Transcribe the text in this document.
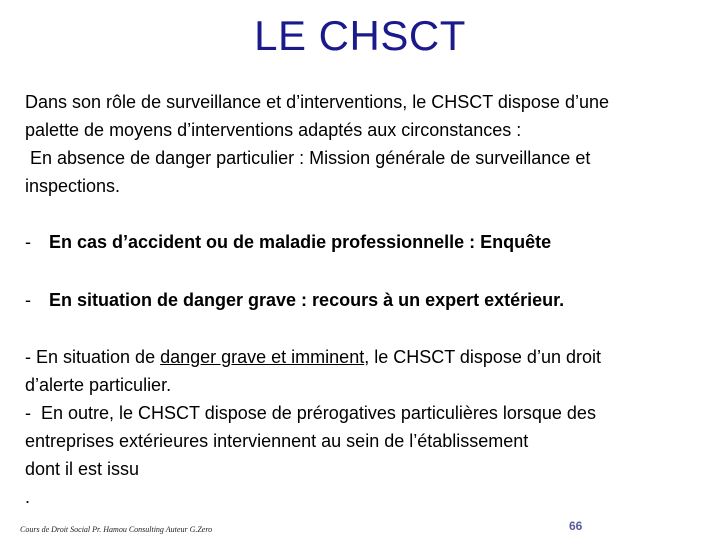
LE CHSCT
Dans son rôle de surveillance et d’interventions, le CHSCT dispose d’une
palette de moyens d’interventions adaptés aux circonstances :
En absence de danger particulier : Mission générale de surveillance et
inspections.
- En cas d’accident ou de maladie professionnelle : Enquête
- En situation de danger grave : recours à un expert extérieur.
- En situation de danger grave et imminent, le CHSCT dispose d’un droit
d’alerte particulier.
-  En outre, le CHSCT dispose de prérogatives particulières lorsque des
entreprises extérieures interviennent au sein de l’établissement
dont il est issu
.
Cours de Droit Social Pr. Hamou Consulting Auteur G.Zero	66
